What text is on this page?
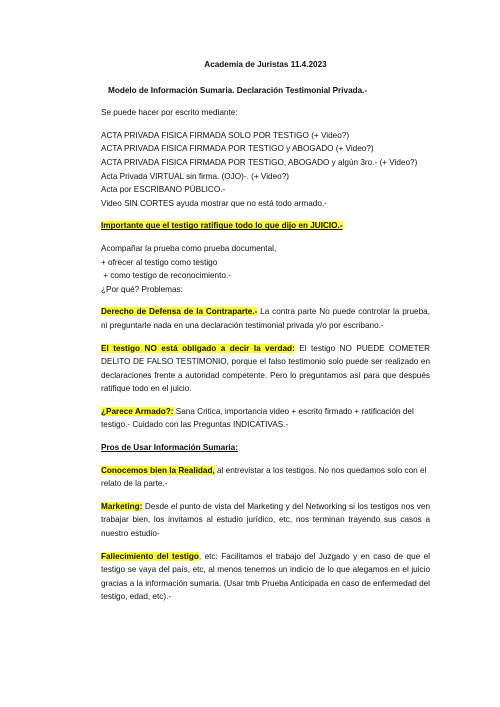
Academia de Juristas 11.4.2023
Modelo de Información Sumaria. Declaración Testimonial Privada.-

Se puede hacer por escrito mediante:

ACTA PRIVADA FISICA FIRMADA SOLO POR TESTIGO (+ Video?)
ACTA PRIVADA FISICA FIRMADA POR TESTIGO y ABOGADO (+ Video?)
ACTA PRIVADA FISICA FIRMADA POR TESTIGO, ABOGADO y algún 3ro.- (+ Video?)
Acta Privada VIRTUAL sin firma. (OJO)-. (+ Video?)
Acta por ESCRIBANO PÚBLICO.-
Video SIN CORTES ayuda mostrar que no está todo armado.-

Importante que el testigo ratifique todo lo que dijo en JUICIO.-

Acompañar la prueba como prueba documental,
+ ofrecer al testigo como testigo
+ como testigo de reconocimiento.-
¿Por qué? Problemas:

Derecho de Defensa de la Contraparte.- La contra parte No puede controlar la prueba, ni preguntarle nada en una declaración testimonial privada y/o por escribano.-

El testigo NO está obligado a decir la verdad: El testigo NO PUEDE COMETER DELITO DE FALSO TESTIMONIO, porque el falso testimonio solo puede ser realizado en declaraciones frente a autoridad competente. Pero lo preguntamos así para que después ratifique todo en el juicio.

¿Parece Armado?: Sana Critica, importancia video + escrito firmado + ratificación del testigo.- Cuidado con las Preguntas INDICATIVAS.-

Pros de Usar Información Sumaria:

Conocemos bien la Realidad, al entrevistar a los testigos. No nos quedamos solo con el relato de la parte.-

Marketing: Desde el punto de vista del Marketing y del Networking si los testigos nos ven trabajar bien, los invitamos al estudio jurídico, etc, nos terminan trayendo sus casos a nuestro estudio-

Fallecimiento del testigo, etc: Facilitamos el trabajo del Juzgado y en caso de que el testigo se vaya del país, etc, al menos tenemos un indicio de lo que alegamos en el juicio gracias a la información sumaria. (Usar tmb Prueba Anticipada en caso de enfermedad del testigo, edad, etc).-
